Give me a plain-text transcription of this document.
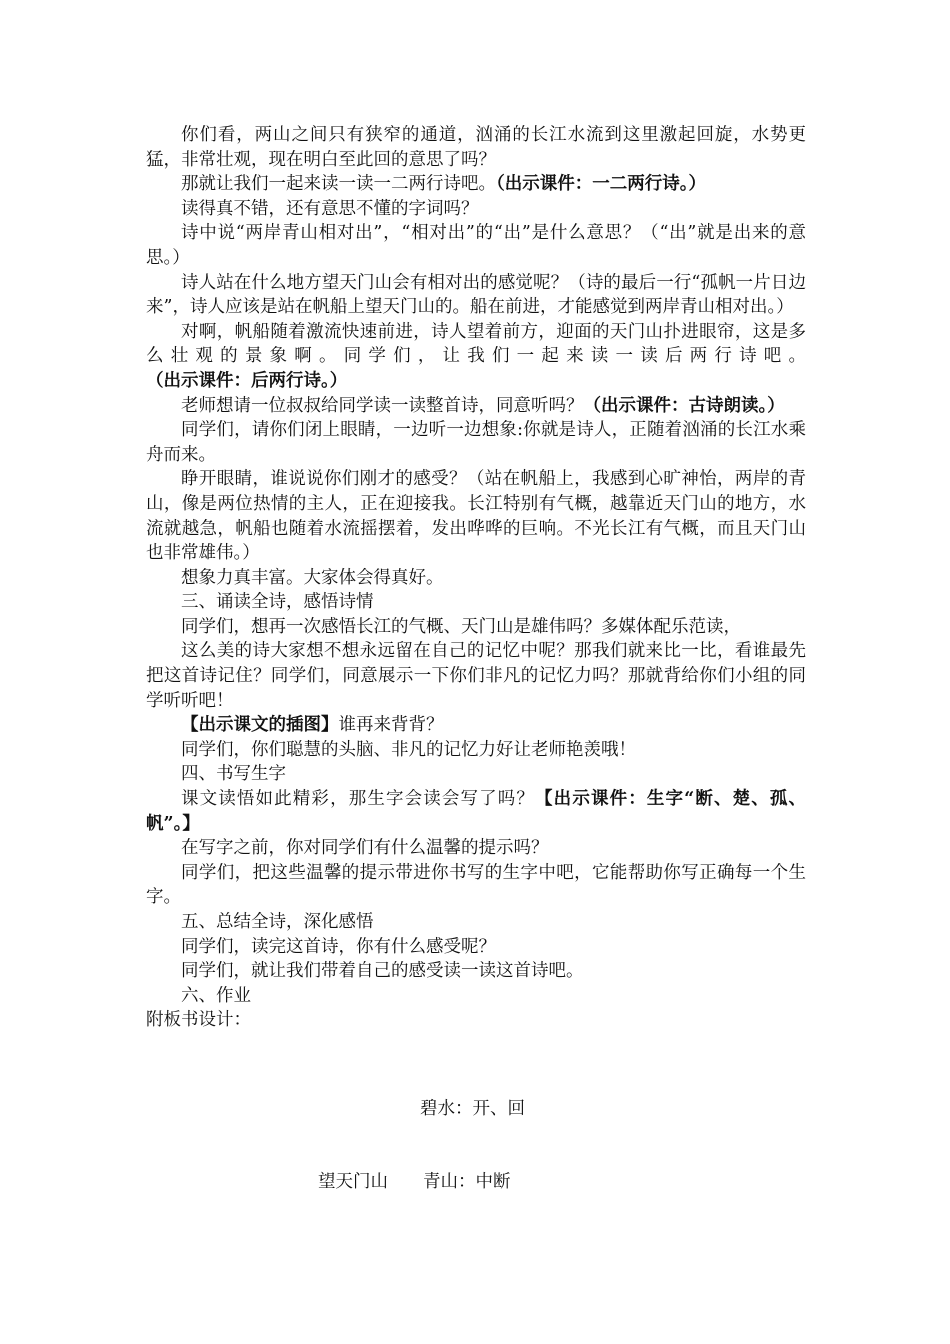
你们看，两山之间只有狭窄的通道，汹涌的长江水流到这里激起回旋，水势更猛，非常壮观，现在明白至此回的意思了吗？

那就让我们一起来读一读一二两行诗吧。（出示课件：一二两行诗。）

读得真不错，还有意思不懂的字词吗？

诗中说“两岸青山相对出”，“相对出”的“出”是什么意思？（“出”就是出来的意思。）

诗人站在什么地方望天门山会有相对出的感觉呢？（诗的最后一行“孤帆一片日边来”，诗人应该是站在帆船上望天门山的。船在前进，才能感觉到两岸青山相对出。）

对啊，帆船随着激流快速前进，诗人望着前方，迎面的天门山扑进眼帘，这是多么壮观的景象啊。同学们，让我们一起来读一读后两行诗吧。（出示课件：后两行诗。）

老师想请一位叔叔给同学读一读整首诗，同意听吗？（出示课件：古诗朗读。）

同学们，请你们闭上眼睛，一边听一边想象:你就是诗人，正随着汹涌的长江水乘舟而来。

睁开眼睛，谁说说你们刚才的感受？（站在帆船上，我感到心旷神怡，两岸的青山，像是两位热情的主人，正在迎接我。长江特别有气概，越靠近天门山的地方，水流就越急，帆船也随着水流摇摆着，发出哗哗的巨响。不光长江有气概，而且天门山也非常雄伟。）

想象力真丰富。大家体会得真好。

三、诵读全诗，感悟诗情

同学们，想再一次感悟长江的气概、天门山是雄伟吗？多媒体配乐范读，

这么美的诗大家想不想永远留在自己的记忆中呢？那我们就来比一比，看谁最先把这首诗记住？同学们，同意展示一下你们非凡的记忆力吗？那就背给你们小组的同学听听吧！

【出示课文的插图】谁再来背背？

同学们，你们聪慧的头脑、非凡的记忆力好让老师艳羡哦！

四、书写生字

课文读悟如此精彩，那生字会读会写了吗？【出示课件：生字“断、楚、孤、帆”。】

在写字之前，你对同学们有什么温馨的提示吗？

同学们，把这些温馨的提示带进你书写的生字中吧，它能帮助你写正确每一个生字。

五、总结全诗，深化感悟

同学们，读完这首诗，你有什么感受呢？

同学们，就让我们带着自己的感受读一读这首诗吧。

六、作业

附板书设计：

碧水：开、回
望天门山 青山：中断
